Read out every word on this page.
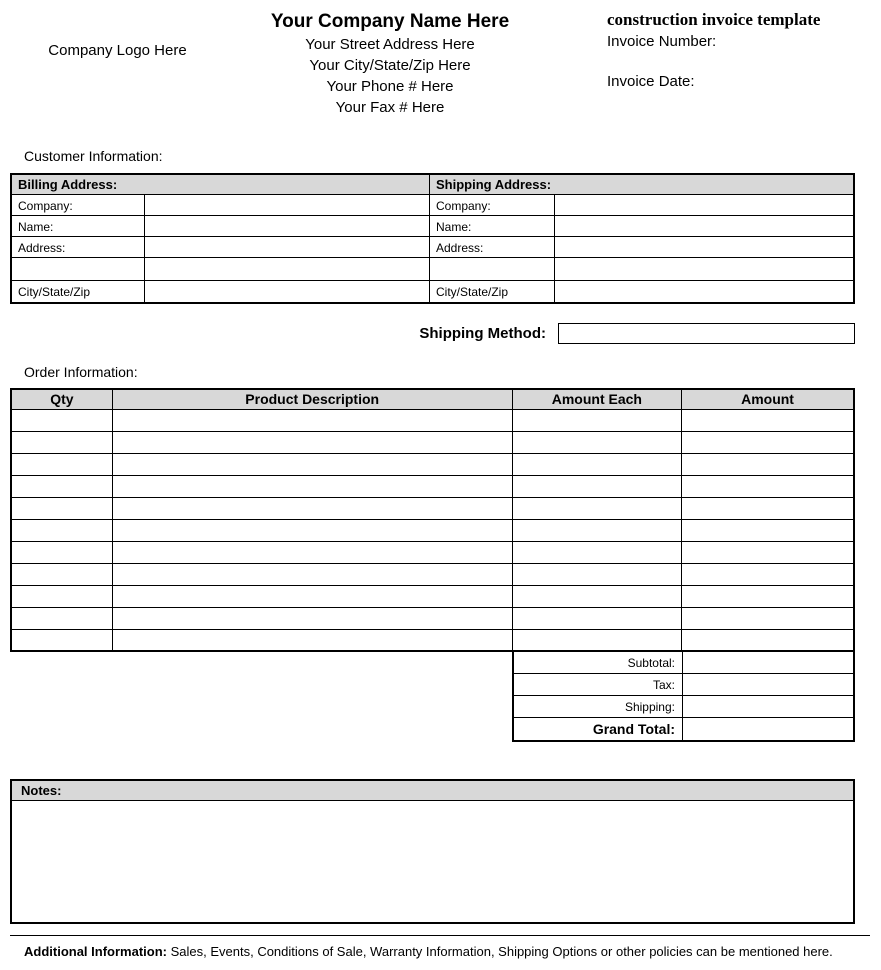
Company Logo Here
Your Company Name Here
Your Street Address Here
Your City/State/Zip Here
Your Phone # Here
Your Fax # Here
construction invoice template
Invoice Number:
Invoice Date:
Customer Information:
Billing Address:	Shipping Address:
Company:	Company:
Name:	Name:
Address:	Address:
City/State/Zip	City/State/Zip
Shipping Method:
Order Information:
Qty	Product Description	Amount Each	Amount

Subtotal:
Tax:
Shipping:
Grand Total:
Notes:
Additional Information: Sales, Events, Conditions of Sale, Warranty Information, Shipping Options or other policies can be mentioned here.
